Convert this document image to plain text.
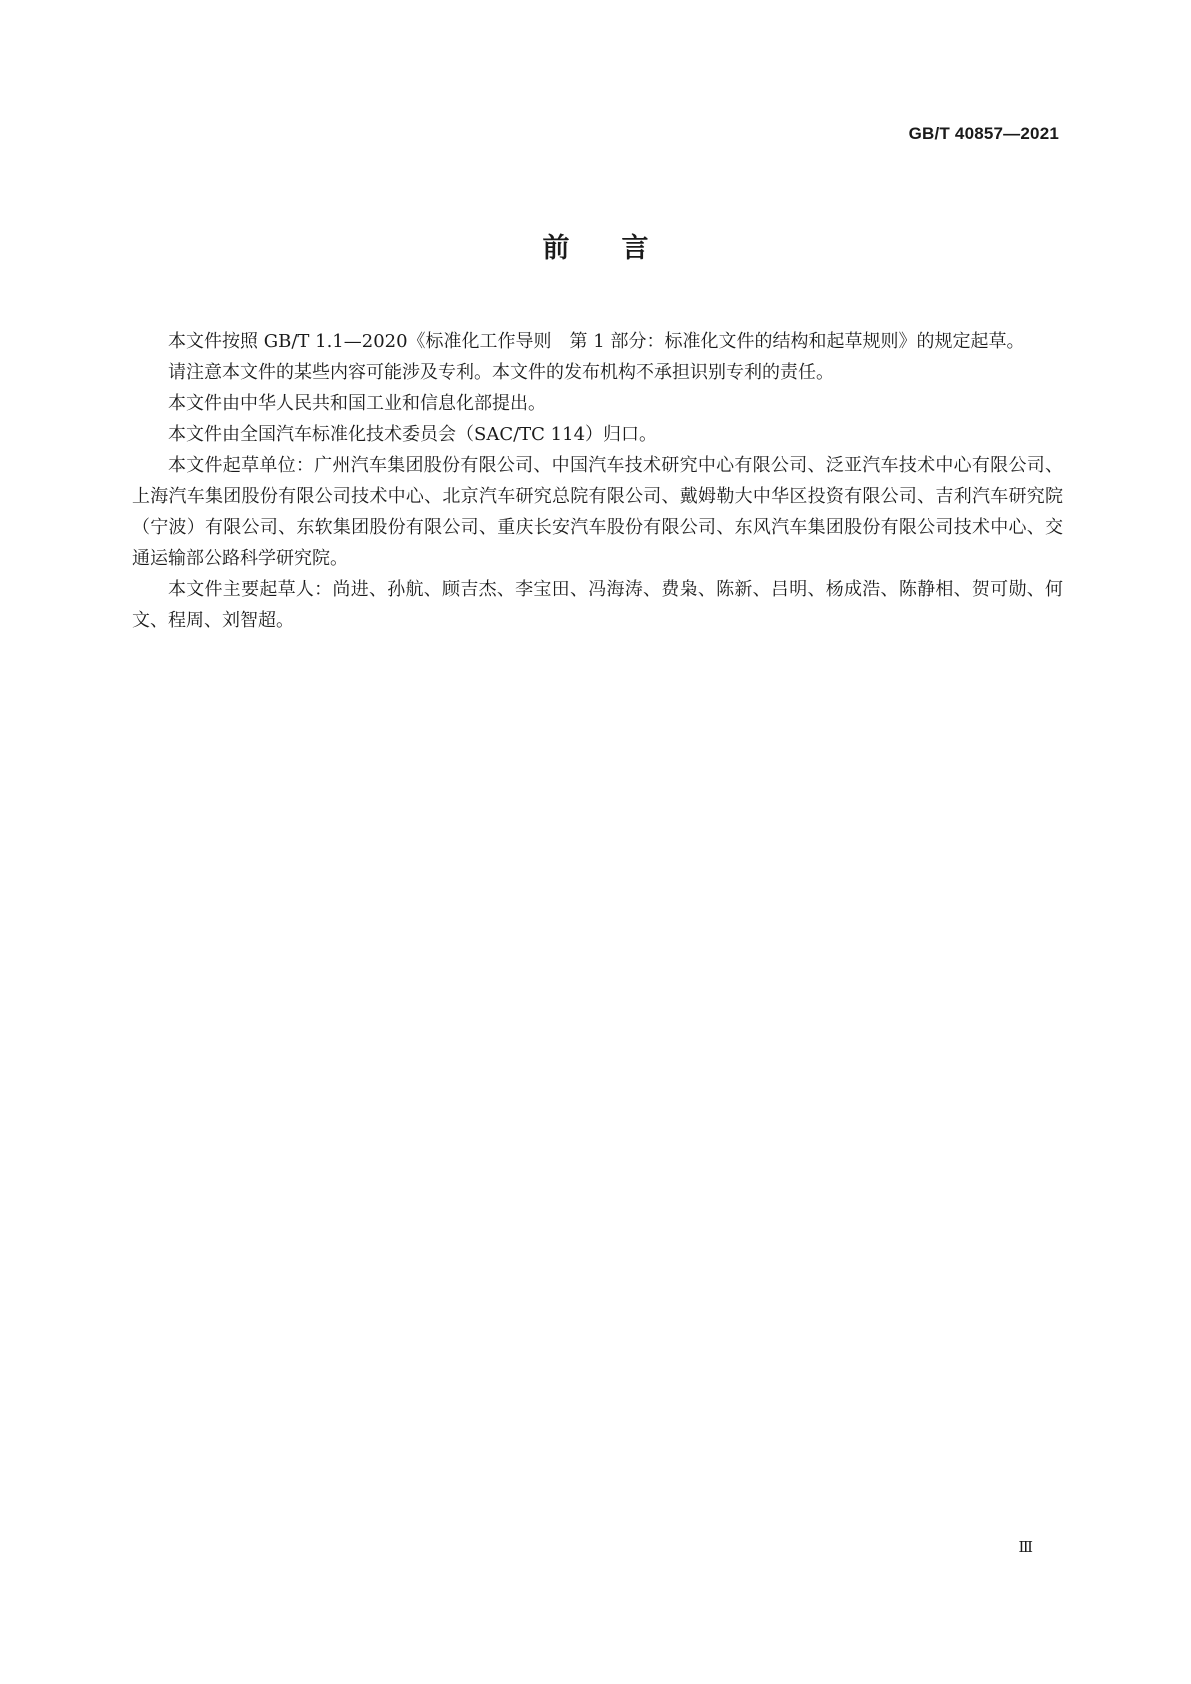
GB/T 40857—2021
前 言

本文件按照 GB/T 1.1—2020《标准化工作导则　第 1 部分：标准化文件的结构和起草规则》的规定起草。

请注意本文件的某些内容可能涉及专利。本文件的发布机构不承担识别专利的责任。

本文件由中华人民共和国工业和信息化部提出。

本文件由全国汽车标准化技术委员会（SAC/TC 114）归口。

本文件起草单位：广州汽车集团股份有限公司、中国汽车技术研究中心有限公司、泛亚汽车技术中心有限公司、上海汽车集团股份有限公司技术中心、北京汽车研究总院有限公司、戴姆勒大中华区投资有限公司、吉利汽车研究院（宁波）有限公司、东软集团股份有限公司、重庆长安汽车股份有限公司、东风汽车集团股份有限公司技术中心、交通运输部公路科学研究院。

本文件主要起草人：尚进、孙航、顾吉杰、李宝田、冯海涛、费枭、陈新、吕明、杨成浩、陈静相、贺可勋、何文、程周、刘智超。

Ⅲ
